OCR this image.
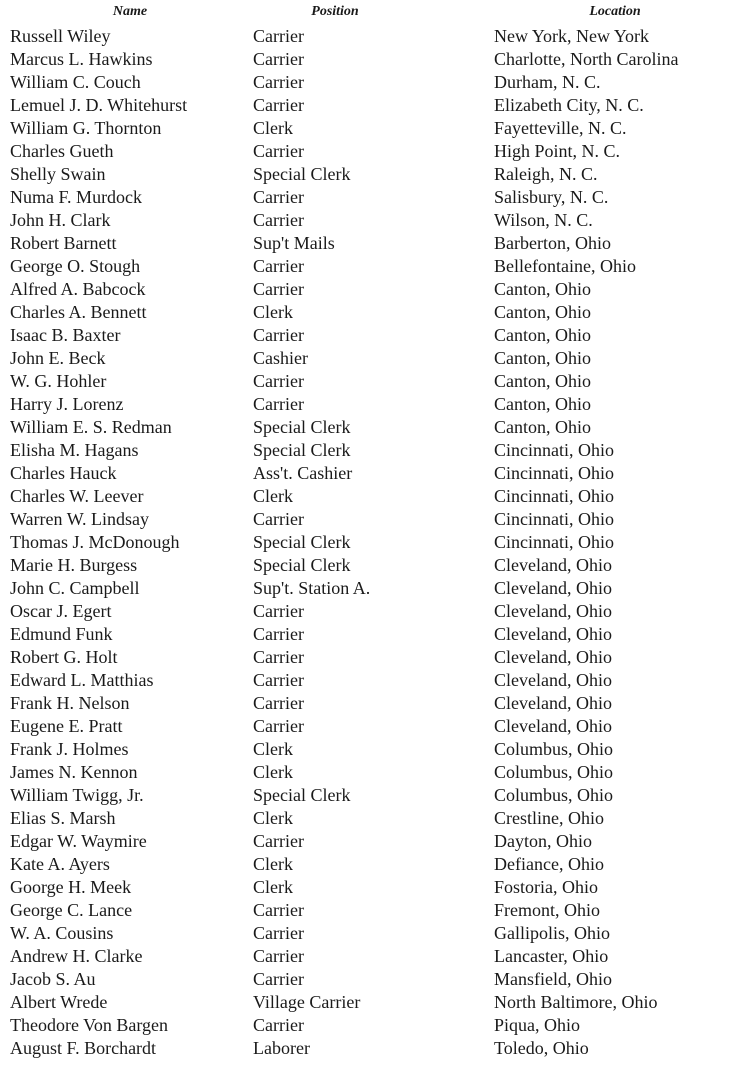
Name	Position	Location
Russell Wiley	Carrier	New York, New York
Marcus L. Hawkins	Carrier	Charlotte, North Carolina
William C. Couch	Carrier	Durham, N. C.
Lemuel J. D. Whitehurst	Carrier	Elizabeth City, N. C.
William G. Thornton	Clerk	Fayetteville, N. C.
Charles Gueth	Carrier	High Point, N. C.
Shelly Swain	Special Clerk	Raleigh, N. C.
Numa F. Murdock	Carrier	Salisbury, N. C.
John H. Clark	Carrier	Wilson, N. C.
Robert Barnett	Sup't Mails	Barberton, Ohio
George O. Stough	Carrier	Bellefontaine, Ohio
Alfred A. Babcock	Carrier	Canton, Ohio
Charles A. Bennett	Clerk	Canton, Ohio
Isaac B. Baxter	Carrier	Canton, Ohio
John E. Beck	Cashier	Canton, Ohio
W. G. Hohler	Carrier	Canton, Ohio
Harry J. Lorenz	Carrier	Canton, Ohio
William E. S. Redman	Special Clerk	Canton, Ohio
Elisha M. Hagans	Special Clerk	Cincinnati, Ohio
Charles Hauck	Ass't. Cashier	Cincinnati, Ohio
Charles W. Leever	Clerk	Cincinnati, Ohio
Warren W. Lindsay	Carrier	Cincinnati, Ohio
Thomas J. McDonough	Special Clerk	Cincinnati, Ohio
Marie H. Burgess	Special Clerk	Cleveland, Ohio
John C. Campbell	Sup't. Station A.	Cleveland, Ohio
Oscar J. Egert	Carrier	Cleveland, Ohio
Edmund Funk	Carrier	Cleveland, Ohio
Robert G. Holt	Carrier	Cleveland, Ohio
Edward L. Matthias	Carrier	Cleveland, Ohio
Frank H. Nelson	Carrier	Cleveland, Ohio
Eugene E. Pratt	Carrier	Cleveland, Ohio
Frank J. Holmes	Clerk	Columbus, Ohio
James N. Kennon	Clerk	Columbus, Ohio
William Twigg, Jr.	Special Clerk	Columbus, Ohio
Elias S. Marsh	Clerk	Crestline, Ohio
Edgar W. Waymire	Carrier	Dayton, Ohio
Kate A. Ayers	Clerk	Defiance, Ohio
Goorge H. Meek	Clerk	Fostoria, Ohio
George C. Lance	Carrier	Fremont, Ohio
W. A. Cousins	Carrier	Gallipolis, Ohio
Andrew H. Clarke	Carrier	Lancaster, Ohio
Jacob S. Au	Carrier	Mansfield, Ohio
Albert Wrede	Village Carrier	North Baltimore, Ohio
Theodore Von Bargen	Carrier	Piqua, Ohio
August F. Borchardt	Laborer	Toledo, Ohio
